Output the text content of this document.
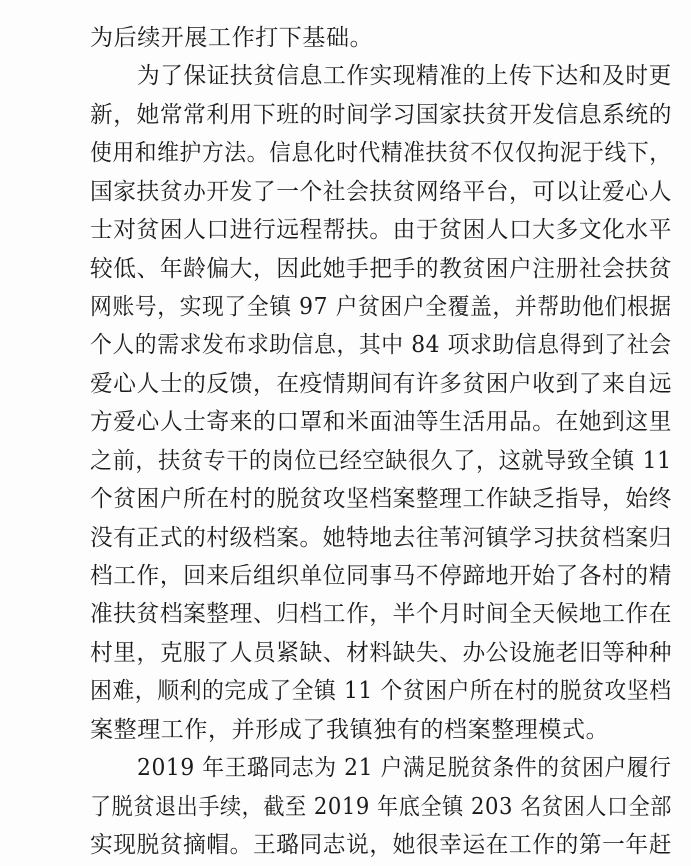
为后续开展工作打下基础。
为了保证扶贫信息工作实现精准的上传下达和及时更
新，她常常利用下班的时间学习国家扶贫开发信息系统的
使用和维护方法。信息化时代精准扶贫不仅仅拘泥于线下，
国家扶贫办开发了一个社会扶贫网络平台，可以让爱心人
士对贫困人口进行远程帮扶。由于贫困人口大多文化水平
较低、年龄偏大，因此她手把手的教贫困户注册社会扶贫
网账号，实现了全镇 97 户贫困户全覆盖，并帮助他们根据
个人的需求发布求助信息，其中 84 项求助信息得到了社会
爱心人士的反馈，在疫情期间有许多贫困户收到了来自远
方爱心人士寄来的口罩和米面油等生活用品。在她到这里
之前，扶贫专干的岗位已经空缺很久了，这就导致全镇 11
个贫困户所在村的脱贫攻坚档案整理工作缺乏指导，始终
没有正式的村级档案。她特地去往苇河镇学习扶贫档案归
档工作，回来后组织单位同事马不停蹄地开始了各村的精
准扶贫档案整理、归档工作，半个月时间全天候地工作在
村里，克服了人员紧缺、材料缺失、办公设施老旧等种种
困难，顺利的完成了全镇 11 个贫困户所在村的脱贫攻坚档
案整理工作，并形成了我镇独有的档案整理模式。
2019 年王璐同志为 21 户满足脱贫条件的贫困户履行
了脱贫退出手续，截至 2019 年底全镇 203 名贫困人口全部
实现脱贫摘帽。王璐同志说，她很幸运在工作的第一年赶
